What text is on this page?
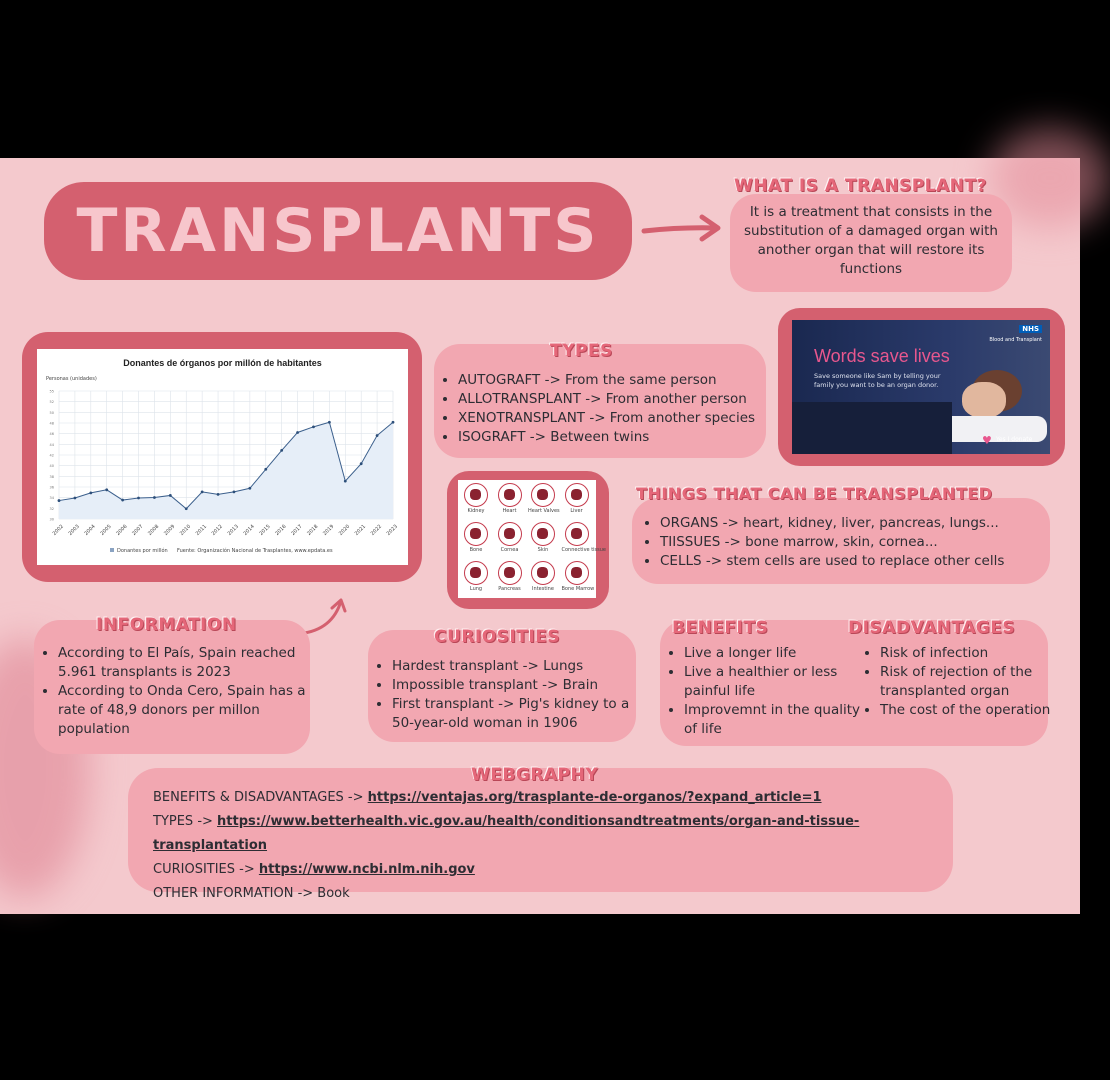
TRANSPLANTS
WHAT IS A TRANSPLANT?
It is a treatment that consists in the substitution of a damaged organ with another organ that will restore its functions
Donantes de órganos por millón de habitantes
Personas (unidades)
55
52
50
48
46
44
42
40
38
36
34
32
30
2002 2003 2004 2005 2006 2007 2008 2009 2010 2011 2012 2013 2014 2015 2016 2017 2018 2019 2020 2021 2022 2023
Donantes por millón Fuente: Organización Nacional de Trasplantes, www.epdata.es
TYPES
• AUTOGRAFT -> From the same person
• ALLOTRANSPLANT -> From another person
• XENOTRANSPLANT -> From another species
• ISOGRAFT -> Between twins
NHS
Blood and Transplant
Words save lives
Save someone like Sam by telling your family you want to be an organ donor.
♥ Yes I donate
Kidney	Heart	Heart Valves	Liver
Bone	Cornea	Skin	Connective tissue
Lung	Pancreas	Intestine	Bone Marrow
THINGS THAT CAN BE TRANSPLANTED
• ORGANS -> heart, kidney, liver, pancreas, lungs...
• TIISSUES -> bone marrow, skin, cornea...
• CELLS -> stem cells are used to replace other cells
INFORMATION
• According to El País, Spain reached 5.961 transplants is 2023
• According to Onda Cero, Spain has a rate of 48,9 donors per millon population
CURIOSITIES
• Hardest transplant -> Lungs
• Impossible transplant -> Brain
• First transplant -> Pig's kidney to a 50-year-old woman in 1906
BENEFITS	DISADVANTAGES
• Live a longer life
• Live a healthier or less painful life
• Improvemnt in the quality of life
• Risk of infection
• Risk of rejection of the transplanted organ
• The cost of the operation
WEBGRAPHY
BENEFITS & DISADVANTAGES -> https://ventajas.org/trasplante-de-organos/?expand_article=1
TYPES -> https://www.betterhealth.vic.gov.au/health/conditionsandtreatments/organ-and-tissue-transplantation
CURIOSITIES -> https://www.ncbi.nlm.nih.gov
OTHER INFORMATION -> Book
